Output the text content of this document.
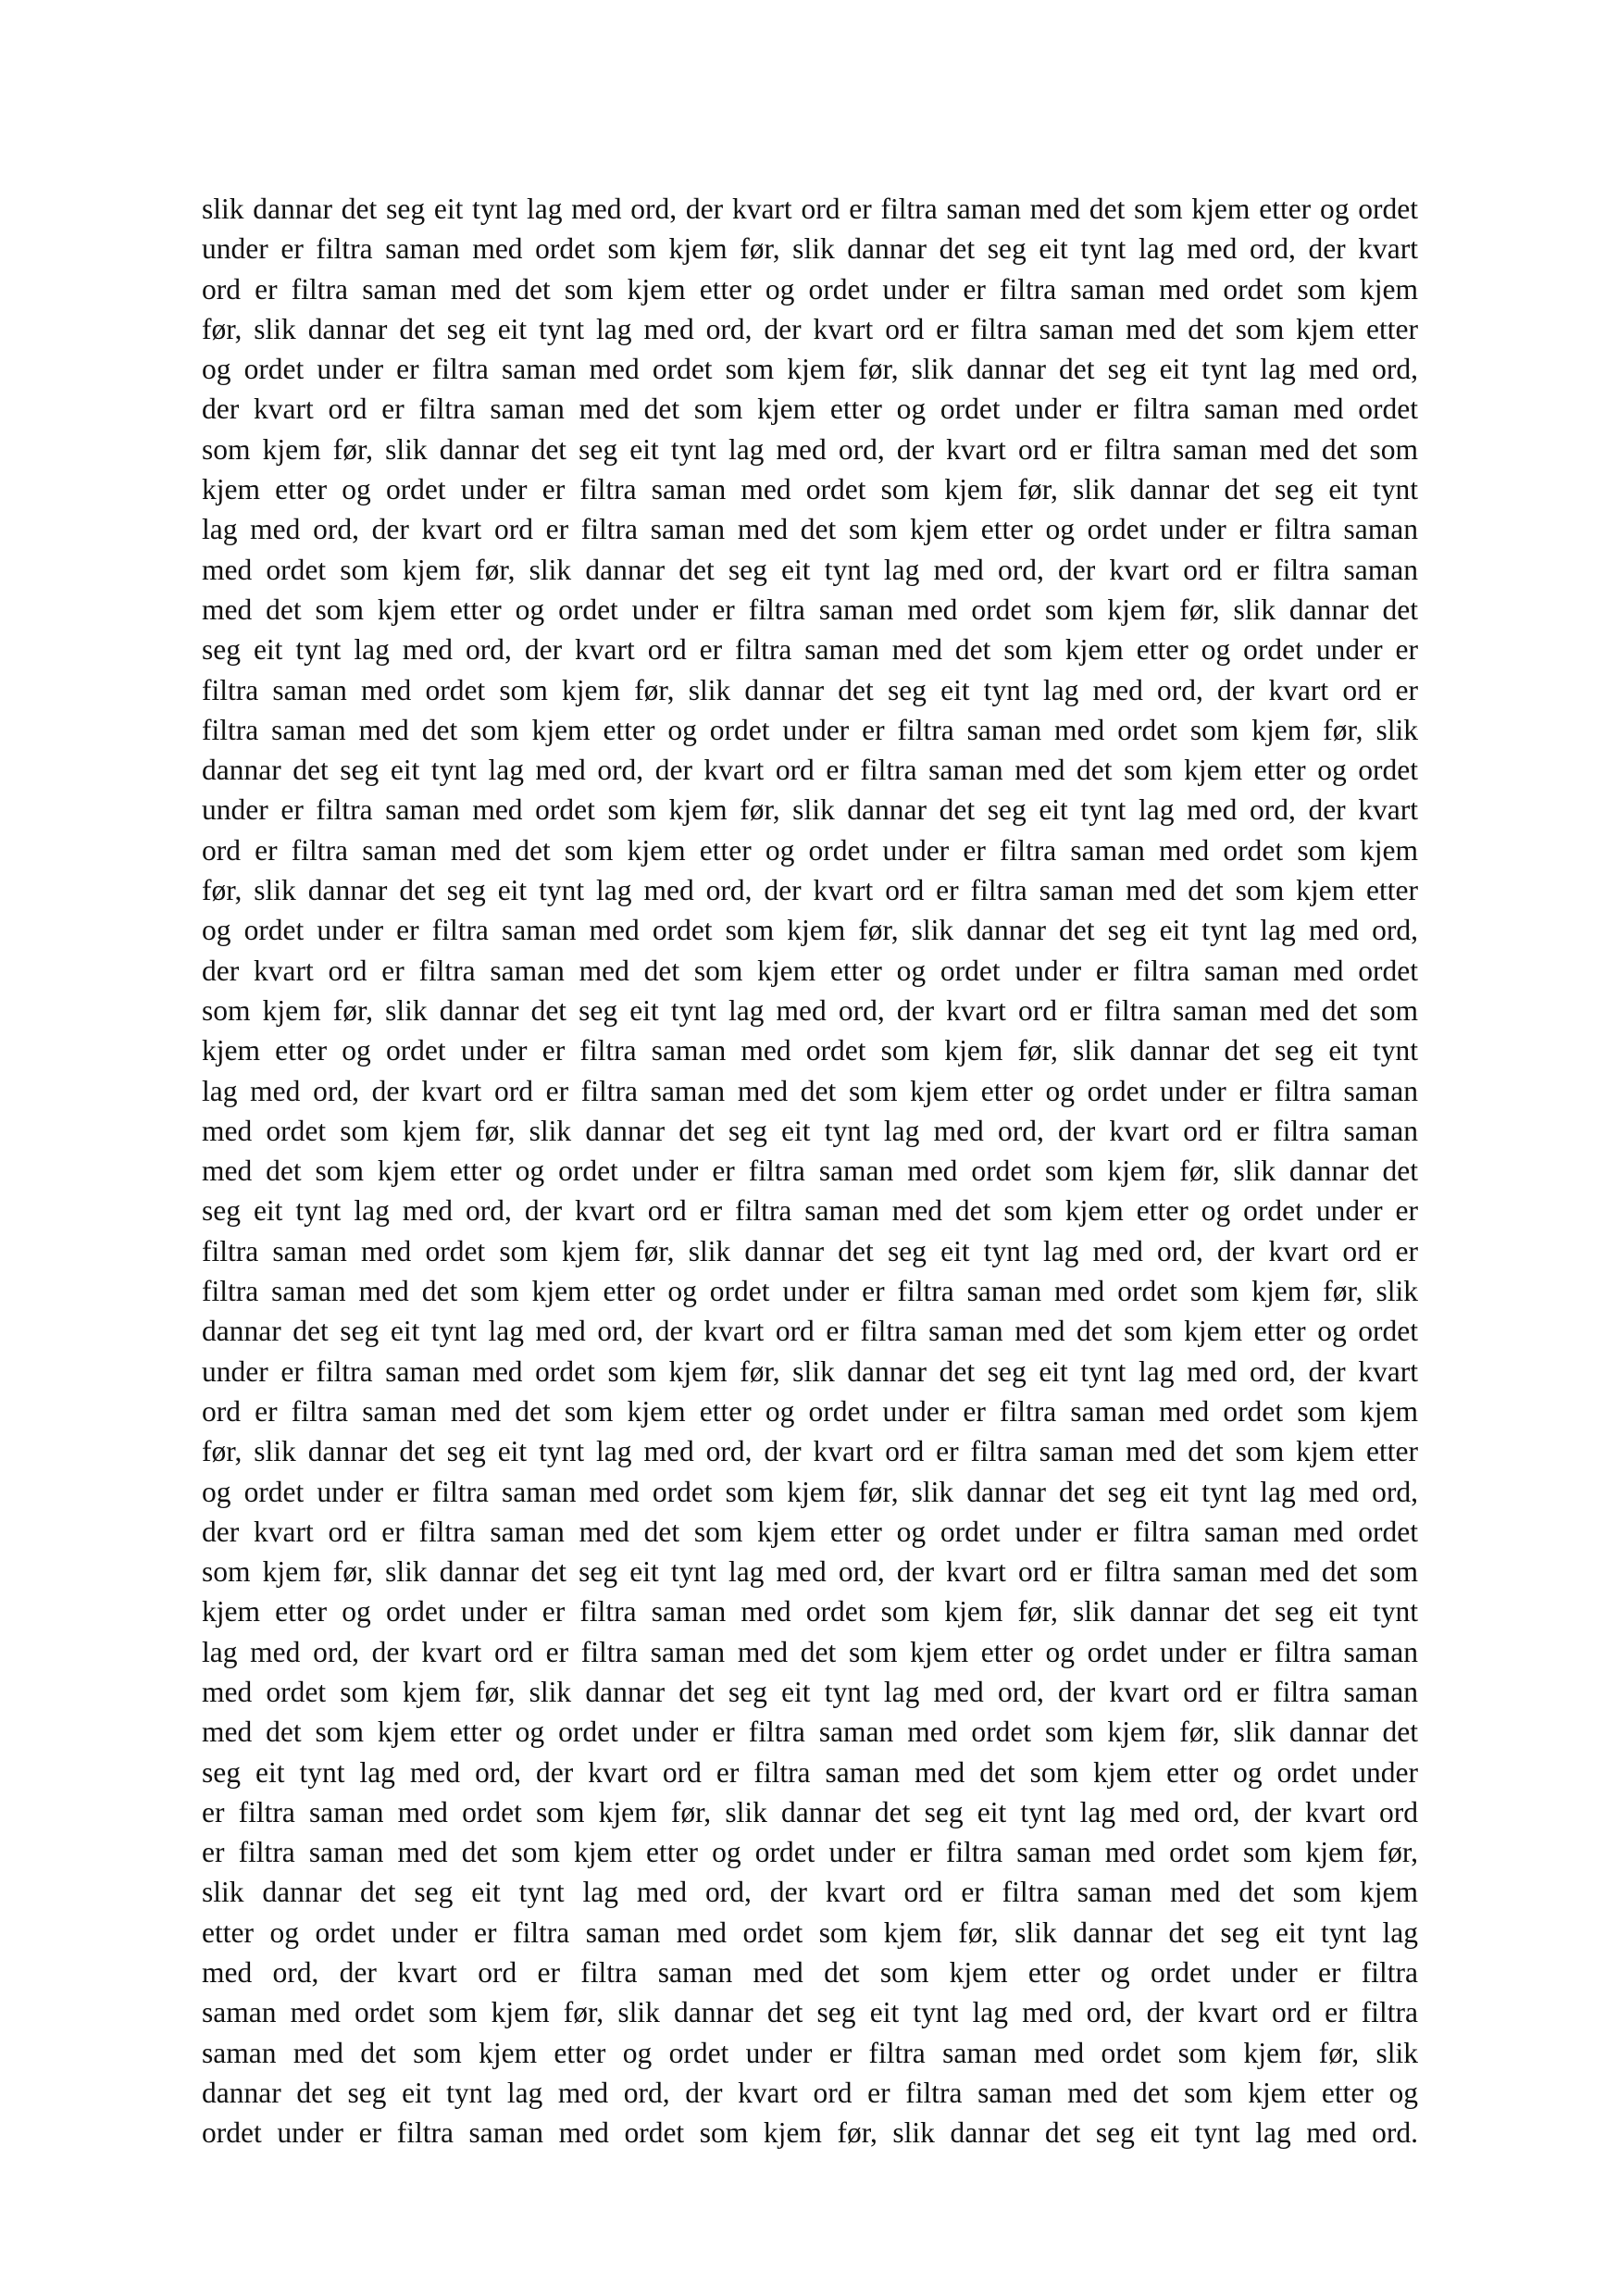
slik dannar det seg eit tynt lag med ord, der kvart ord er filtra saman med det som kjem etter og ordet
under er filtra saman med ordet som kjem før, slik dannar det seg eit tynt lag med ord, der kvart
ord er filtra saman med det som kjem etter og ordet under er filtra saman med ordet som kjem
før, slik dannar det seg eit tynt lag med ord, der kvart ord er filtra saman med det som kjem etter
og ordet under er filtra saman med ordet som kjem før, slik dannar det seg eit tynt lag med ord,
der kvart ord er filtra saman med det som kjem etter og ordet under er filtra saman med ordet
som kjem før, slik dannar det seg eit tynt lag med ord, der kvart ord er filtra saman med det som
kjem etter og ordet under er filtra saman med ordet som kjem før, slik dannar det seg eit tynt
lag med ord, der kvart ord er filtra saman med det som kjem etter og ordet under er filtra saman
med ordet som kjem før, slik dannar det seg eit tynt lag med ord, der kvart ord er filtra saman
med det som kjem etter og ordet under er filtra saman med ordet som kjem før, slik dannar det
seg eit tynt lag med ord, der kvart ord er filtra saman med det som kjem etter og ordet under er
filtra saman med ordet som kjem før, slik dannar det seg eit tynt lag med ord, der kvart ord er
filtra saman med det som kjem etter og ordet under er filtra saman med ordet som kjem før, slik
dannar det seg eit tynt lag med ord, der kvart ord er filtra saman med det som kjem etter og ordet
under er filtra saman med ordet som kjem før, slik dannar det seg eit tynt lag med ord, der kvart
ord er filtra saman med det som kjem etter og ordet under er filtra saman med ordet som kjem
før, slik dannar det seg eit tynt lag med ord, der kvart ord er filtra saman med det som kjem etter
og ordet under er filtra saman med ordet som kjem før, slik dannar det seg eit tynt lag med ord,
der kvart ord er filtra saman med det som kjem etter og ordet under er filtra saman med ordet
som kjem før, slik dannar det seg eit tynt lag med ord, der kvart ord er filtra saman med det som
kjem etter og ordet under er filtra saman med ordet som kjem før, slik dannar det seg eit tynt
lag med ord, der kvart ord er filtra saman med det som kjem etter og ordet under er filtra saman
med ordet som kjem før, slik dannar det seg eit tynt lag med ord, der kvart ord er filtra saman
med det som kjem etter og ordet under er filtra saman med ordet som kjem før, slik dannar det
seg eit tynt lag med ord, der kvart ord er filtra saman med det som kjem etter og ordet under er
filtra saman med ordet som kjem før, slik dannar det seg eit tynt lag med ord, der kvart ord er
filtra saman med det som kjem etter og ordet under er filtra saman med ordet som kjem før, slik
dannar det seg eit tynt lag med ord, der kvart ord er filtra saman med det som kjem etter og ordet
under er filtra saman med ordet som kjem før, slik dannar det seg eit tynt lag med ord, der kvart
ord er filtra saman med det som kjem etter og ordet under er filtra saman med ordet som kjem
før, slik dannar det seg eit tynt lag med ord, der kvart ord er filtra saman med det som kjem etter
og ordet under er filtra saman med ordet som kjem før, slik dannar det seg eit tynt lag med ord,
der kvart ord er filtra saman med det som kjem etter og ordet under er filtra saman med ordet
som kjem før, slik dannar det seg eit tynt lag med ord, der kvart ord er filtra saman med det som
kjem etter og ordet under er filtra saman med ordet som kjem før, slik dannar det seg eit tynt
lag med ord, der kvart ord er filtra saman med det som kjem etter og ordet under er filtra saman
med ordet som kjem før, slik dannar det seg eit tynt lag med ord, der kvart ord er filtra saman
med det som kjem etter og ordet under er filtra saman med ordet som kjem før, slik dannar det
seg eit tynt lag med ord, der kvart ord er filtra saman med det som kjem etter og ordet under
er filtra saman med ordet som kjem før, slik dannar det seg eit tynt lag med ord, der kvart ord
er filtra saman med det som kjem etter og ordet under er filtra saman med ordet som kjem før,
slik dannar det seg eit tynt lag med ord, der kvart ord er filtra saman med det som kjem
etter og ordet under er filtra saman med ordet som kjem før, slik dannar det seg eit tynt lag
med ord, der kvart ord er filtra saman med det som kjem etter og ordet under er filtra
saman med ordet som kjem før, slik dannar det seg eit tynt lag med ord, der kvart ord er filtra
saman med det som kjem etter og ordet under er filtra saman med ordet som kjem før, slik
dannar det seg eit tynt lag med ord, der kvart ord er filtra saman med det som kjem etter og
ordet under er filtra saman med ordet som kjem før, slik dannar det seg eit tynt lag med ord.
